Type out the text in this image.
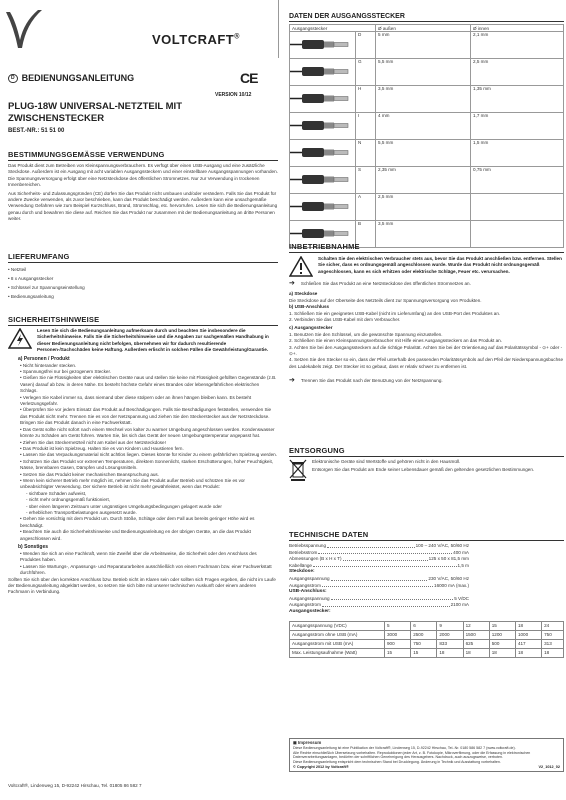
VOLTCRAFT®
D BEDIENUNGSANLEITUNG	CE
VERSION 10/12
PLUG-18W UNIVERSAL-NETZTEIL MIT ZWISCHENSTECKER
BEST.-NR.: 51 51 00
BESTIMMUNGSGEMÄSSE VERWENDUNG

Das Produkt dient zum Betreiben von Kleinspannungsverbrauchern. Es verfügt über einen USB-Ausgang und eine zusätzliche Steckdose. Außerdem ist ein Ausgang mit acht variablen Ausgangssteckern und einer einstellbare Ausgangsspannungen vorhanden. Die Spannungsversorgung erfolgt über eine Netzsteckdose des öffentlichen Stromnetzes. Nur zur Verwendung in trockenen Innenbereichen.

Aus Sicherheits- und Zulassungsgründen (CE) dürfen Sie das Produkt nicht umbauen und/oder verändern. Falls Sie das Produkt für andere Zwecke verwenden, als zuvor beschrieben, kann das Produkt beschädigt werden. Außerdem kann eine unsachgemäße Verwendung Gefahren wie zum Beispiel Kurzschluss, Brand, Stromschlag, etc. hervorrufen. Lesen Sie sich die Bedienungsanleitung genau durch und bewahren Sie diese auf. Reichen Sie das Produkt nur zusammen mit der Bedienungsanleitung an dritte Personen weiter.

LIEFERUMFANG
• Netzteil
• 8 x Ausgangsstecker
• Schlüssel zur Spannungseinstellung
• Bedienungsanleitung
SICHERHEITSHINWEISE

Lesen Sie sich die Bedienungsanleitung aufmerksam durch und beachten Sie insbesondere die Sicherheitshinweise. Falls Sie die Sicherheitshinweise und die Angaben zur sachgemäßen Handhabung in dieser Bedienungsanleitung nicht befolgen, übernehmen wir für dadurch resultierende Personen-/Sachschäden keine Haftung. Außerdem erlischt in solchen Fällen die Gewährleistung/Garantie.

a) Personen / Produkt
• Nicht hinterander stecken.
• Spannungsfrei nur bei gezogenem Stecker.
• Gießen Sie nie Flüssigkeiten über elektrischen Geräte naus und stellen Sie keine mit Flüssigkeit gefüllten Gegenstände (z.B. Vasen) darauf ab bzw. in deren Nähe. Es besteht höchste Gefahr eines Brandes oder lebensgefährlichen elektrischen Schlags.
• Verlegen Sie Kabel immer so, dass niemand über diese stolpern oder an ihnen hängen bleiben kann. Es besteht Verletzungsgefahr.
• Überprüfen Sie vor jedem Einsatz das Produkt auf Beschädigungen. Falls Sie Beschädigungen feststellen, verwenden Sie das Produkt nicht mehr. Trennen Sie es von der Netzspannung und ziehen Sie den Steckerstecker aus der Netzsteckdose. Bringen Sie das Produkt danach in eine Fachwerkstatt.
• Das Gerät sollte nicht sofort nach einem Wechsel von kalter zu warmer Umgebung angeschlossen werden. Kondenswasser könnte zu Schäden am Gerät führen. Warten Sie, bis sich das Gerät der neuen Umgebungstemperatur angepasst hat.
• Ziehen Sie das Steckernetzteil nicht am Kabel aus der Netzsteckdose!
• Das Produkt ist kein Spielzeug. Halten Sie es von Kindern und Haustieren fern.
• Lassen Sie das Verpackungsmaterial nicht achtlos liegen. Dieses könnte für Kinder zu einem gefährlichen Spielzeug werden.
• Schützen Sie das Produkt vor extremen Temperaturen, direktem Sonnenlicht, starken Erschütterungen, hoher Feuchtigkeit, Nässe, brennbaren Gasen, Dämpfen und Lösungsmitteln.
• Setzen Sie das Produkt keiner mechanischen Beanspruchung aus.
• Wenn kein sicherer Betrieb mehr möglich ist, nehmen Sie das Produkt außer Betrieb und schützen Sie es vor unbeabsichtigter Verwendung. Der sichere Betrieb ist nicht mehr gewährleistet, wenn das Produkt:
- sichtbare Schäden aufweist,
- nicht mehr ordnungsgemäß funktioniert,
- über einen längeren Zeitraum unter ungünstigen Umgebungsbedingungen gelagert wurde oder
- erheblichen Transportbelastungen ausgesetzt wurde.
• Gehen Sie vorsichtig mit dem Produkt um. Durch Stöße, Schläge oder dem Fall aus bereits geringer Höhe wird es beschädigt.
• Beachten Sie auch die Sicherheitshinweise und Bedienungsanleitung en der übrigen Geräte, an die das Produkt angeschlossen wird.
b) Sonstiges
• Wenden Sie sich an eine Fachkraft, wenn Sie Zweifel über die Arbeitsweise, die Sicherheit oder den Anschluss des Produktes haben.
• Lassen Sie Wartungs-, Anpassungs- und Reparaturarbeiten ausschließlich von einem Fachmann bzw. einer Fachwerkstatt durchführen.

Sollten Sie sich über den korrekten Anschluss bzw. Betrieb nicht im Klaren sein oder sollten sich Fragen ergeben, die nicht im Laufe der Bedienungsanleitung abgeklärt werden, so setzen Sie sich bitte mit unserer technischen Auskunft oder einem anderen Fachmann in Verbindung.

Voltcraft®, Lindenweg 15, D-92242 Hirschau, Tel. 01805 86 582 7
DATEN DER AUSGANGSSTECKER
Ausgangsstecker		Ø außen	Ø innen
	D	5 mm	2,1 mm
	G	5,5 mm	2,5 mm
	H	3,5 mm	1,35 mm
	I	4 mm	1,7 mm
	N	5,5 mm	1,5 mm
	S	2,35 mm	0,75 mm
	A	2,5 mm	
	B	3,5 mm	
INBETRIEBNAHME

Schalten Sie den elektrischen Verbraucher stets aus, bevor Sie das Produkt anschließen bzw. entfernen. Stellen Sie sicher, dass es ordnungsgemäß angeschlossen wurde. Wurde das Produkt nicht ordnungsgemäß angeschlossen, kann es sich erhitzen oder elektrische Schläge, Feuer etc. verursachen.

➔ Schließen Sie das Produkt an eine Netzsteckdose des öffentlichen Stromnetzes an.

a) Steckdose

Die Steckdose auf der Oberseite des Netzteils dient zur Spannungsversorgung von Produkten.

b) USB-Anschluss

1. Schließen Sie ein geeignetes USB-Kabel (nicht im Lieferumfang) an den USB-Port des Produktes an.

2. Verbinden Sie das USB-Kabel mit dem Verbraucher.

c) Ausgangsstecker

1. Benutzen Sie den Schlüssel, um die gewünschte Spannung einzustellen.

2. Schließen Sie einen Kleinspannungsverbraucher mit Hilfe eines Ausgangssteckers an das Produkt an.

3. Achten Sie bei den Ausgangssteckern auf die richtige Polarität. Achten Sie bei der Orientierung auf das Polaritätssymbol - ⊙+ oder - ⊙+.

4. Setzen Sie den Stecker so ein, dass der Pfeil unterhalb des passenden Polaritätssymbols auf den Pfeil der Niederspannungsbuchse des Ladekabels zeigt. Der Stecker ist so gebaut, dass er relativ schwer zu entfernen ist.

➔ Trennen Sie das Produkt nach der Benutzung von der Netzspannung.

ENTSORGUNG

Elektronische Geräte sind Wertstoffe und gehören nicht in den Hausmüll.

Entsorgen Sie das Produkt am Ende seiner Lebensdauer gemäß den geltenden gesetzlichen Bestimmungen.

TECHNISCHE DATEN
Betriebsspannung	100 – 240 V/AC, 50/60 Hz
Betriebsstrom	400 mA
Abmessungen (B x H x T)	125 x 50 x 81,5 mm
Kabellänge	1,5 m
Steckdose:
Ausgangsspannung	230 V/AC, 50/60 Hz
Ausgangsstrom	16000 mA (max.)
USB-Anschluss:
Ausgangsspannung	5 V/DC
Ausgangsstrom	2100 mA
Ausgangsstecker:
Ausgangsspannung (VDC)	5	6	9	12	15	18	24
Ausgangsstrom ohne USB (mA)	3000	2500	2000	1500	1200	1000	750
Ausgangsstrom mit USB (mA)	900	750	833	625	500	417	313
Max. Leistungsaufnahme (Watt)	15	15	18	18	18	18	18

◼ Impressum

Diese Bedienungsanleitung ist eine Publikation der Voltcraft®, Lindenweg 15, D-92242 Hirschau, Tel.-Nr. 0180 586 582 7 (www.voltcraft.de).

Alle Rechte einschließlich Übersetzung vorbehalten. Reproduktionen jeder Art, z. B. Fotokopie, Mikroverfilmung, oder die Erfassung in elektronischen Datenverarbeitungsanlagen, bedürfen der schriftlichen Genehmigung des Herausgebers. Nachdruck, auch auszugsweise, verboten.

Diese Bedienungsanleitung entspricht dem technischen Stand bei Drucklegung. Änderung in Technik und Ausstattung vorbehalten.

© Copyright 2012 by Voltcraft®	V2_1012_02
